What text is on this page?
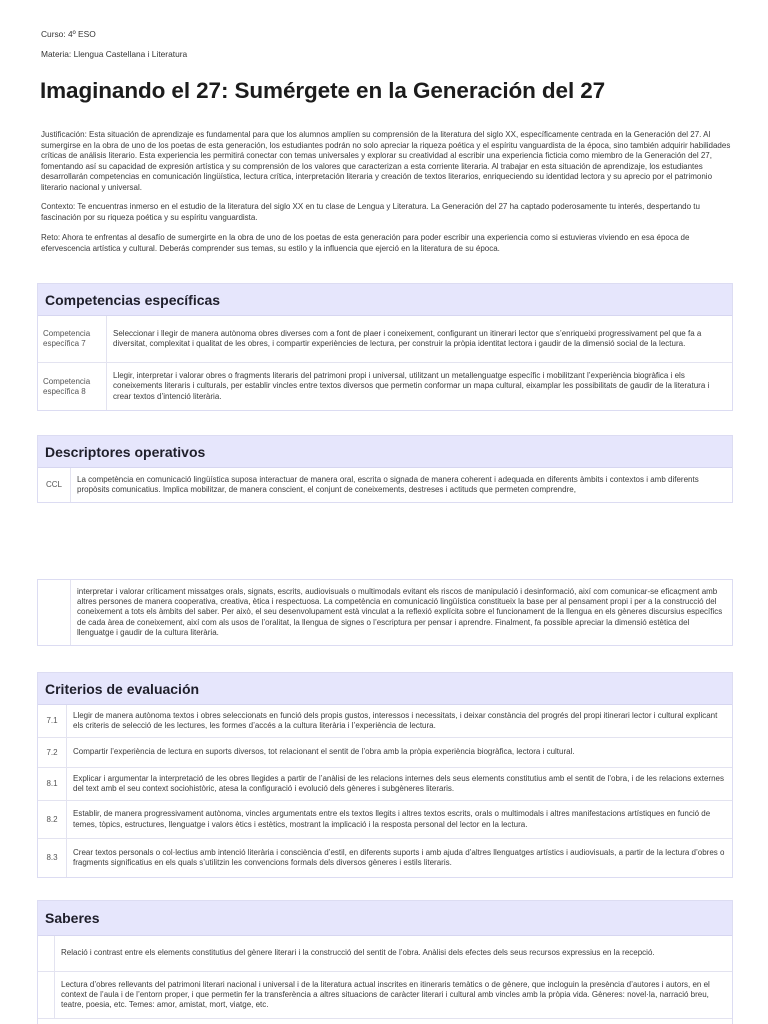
Curso: 4º ESO
Materia: Llengua Castellana i Literatura
Imaginando el 27: Sumérgete en la Generación del 27

Justificación: Esta situación de aprendizaje es fundamental para que los alumnos amplíen su comprensión de la literatura del siglo XX, específicamente centrada en la Generación del 27. Al sumergirse en la obra de uno de los poetas de esta generación, los estudiantes podrán no solo apreciar la riqueza poética y el espíritu vanguardista de la época, sino también adquirir habilidades críticas de análisis literario. Esta experiencia les permitirá conectar con temas universales y explorar su creatividad al escribir una experiencia ficticia como miembro de la Generación del 27, fomentando así su capacidad de expresión artística y su comprensión de los valores que caracterizan a esta corriente literaria. Al trabajar en esta situación de aprendizaje, los estudiantes desarrollarán competencias en comunicación lingüística, lectura crítica, interpretación literaria y creación de textos literarios, enriqueciendo su identidad lectora y su aprecio por el patrimonio literario nacional y universal.

Contexto: Te encuentras inmerso en el estudio de la literatura del siglo XX en tu clase de Lengua y Literatura. La Generación del 27 ha captado poderosamente tu interés, despertando tu fascinación por su riqueza poética y su espíritu vanguardista.

Reto: Ahora te enfrentas al desafío de sumergirte en la obra de uno de los poetas de esta generación para poder escribir una experiencia como si estuvieras viviendo en esa época de efervescencia artística y cultural. Deberás comprender sus temas, su estilo y la influencia que ejerció en la literatura de su época.

Competencias específicas
Competencia específica 7
Seleccionar i llegir de manera autònoma obres diverses com a font de plaer i coneixement, configurant un itinerari lector que s’enriqueixi progressivament pel que fa a diversitat, complexitat i qualitat de les obres, i compartir experiències de lectura, per construir la pròpia identitat lectora i gaudir de la dimensió social de la lectura.
Competencia específica 8
Llegir, interpretar i valorar obres o fragments literaris del patrimoni propi i universal, utilitzant un metallenguatge específic i mobilitzant l’experiència biogràfica i els coneixements literaris i culturals, per establir vincles entre textos diversos que permetin conformar un mapa cultural, eixamplar les possibilitats de gaudir de la literatura i crear textos d’intenció literària.
Descriptores operativos
CCL
La competència en comunicació lingüística suposa interactuar de manera oral, escrita o signada de manera coherent i adequada en diferents àmbits i contextos i amb diferents propòsits comunicatius. Implica mobilitzar, de manera conscient, el conjunt de coneixements, destreses i actituds que permeten comprendre,
interpretar i valorar críticament missatges orals, signats, escrits, audiovisuals o multimodals evitant els riscos de manipulació i desinformació, així com comunicar-se eficaçment amb altres persones de manera cooperativa, creativa, ètica i respectuosa. La competència en comunicació lingüística constitueix la base per al pensament propi i per a la construcció del coneixement a tots els àmbits del saber. Per això, el seu desenvolupament està vinculat a la reflexió explícita sobre el funcionament de la llengua en els gèneres discursius específics de cada àrea de coneixement, així com als usos de l’oralitat, la llengua de signes o l’escriptura per pensar i aprendre. Finalment, fa possible apreciar la dimensió estètica del llenguatge i gaudir de la cultura literària.
Criterios de evaluación
7.1
Llegir de manera autònoma textos i obres seleccionats en funció dels propis gustos, interessos i necessitats, i deixar constància del progrés del propi itinerari lector i cultural explicant els criteris de selecció de les lectures, les formes d’accés a la cultura literària i l’experiència de lectura.
7.2	Compartir l’experiència de lectura en suports diversos, tot relacionant el sentit de l’obra amb la pròpia experiència biogràfica, lectora i cultural.
8.1
Explicar i argumentar la interpretació de les obres llegides a partir de l’anàlisi de les relacions internes dels seus elements constitutius amb el sentit de l’obra, i de les relacions externes del text amb el seu context sociohistòric, atesa la configuració i evolució dels gèneres i subgèneres literaris.
8.2
Establir, de manera progressivament autònoma, vincles argumentats entre els textos llegits i altres textos escrits, orals o multimodals i altres manifestacions artístiques en funció de temes, tòpics, estructures, llenguatge i valors ètics i estètics, mostrant la implicació i la resposta personal del lector en la lectura.
8.3
Crear textos personals o col·lectius amb intenció literària i consciència d’estil, en diferents suports i amb ajuda d’altres llenguatges artístics i audiovisuals, a partir de la lectura d’obres o fragments significatius en els quals s’utilitzin les convencions formals dels diversos gèneres i estils literaris.
Saberes
Relació i contrast entre els elements constitutius del gènere literari i la construcció del sentit de l’obra. Anàlisi dels efectes dels seus recursos expressius en la recepció.
Lectura d’obres rellevants del patrimoni literari nacional i universal i de la literatura actual inscrites en itineraris temàtics o de gènere, que incloguin la presència d’autores i autors, en el context de l’aula i de l’entorn proper, i que permetin fer la transferència a altres situacions de caràcter literari i cultural amb vincles amb la pròpia vida. Gèneres: novel·la, narració breu, teatre, poesia, etc. Temes: amor, amistat, mort, viatge, etc.
